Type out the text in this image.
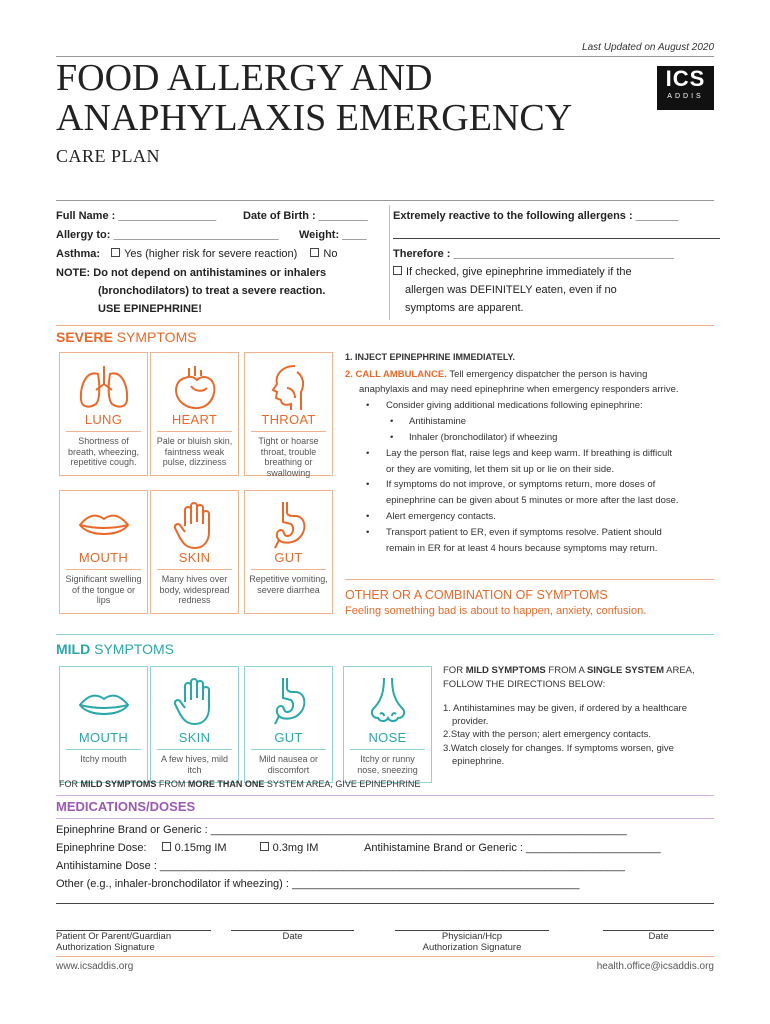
Last Updated on August 2020
FOOD ALLERGY AND
ANAPHYLAXIS EMERGENCY
CARE PLAN
ICS
ADDIS
Full Name : ________________ Date of Birth : ________
Allergy to: ___________________________ Weight: ____
Asthma: Yes (higher risk for severe reaction) No
NOTE: Do not depend on antihistamines or inhalers
(bronchodilators) to treat a severe reaction.
USE EPINEPHRINE!
Extremely reactive to the following allergens : _______
Therefore : ____________________________________
If checked, give epinephrine immediately if the
allergen was DEFINITELY eaten, even if no
symptoms are apparent.
SEVERE SYMPTOMS
LUNG
Shortness of breath, wheezing, repetitive cough.
HEART
Pale or bluish skin, faintness weak pulse, dizziness
THROAT
Tight or hoarse throat, trouble breathing or swallowing
MOUTH
Significant swelling of the tongue or lips
SKIN
Many hives over body, widespread redness
GUT
Repetitive vomiting, severe diarrhea
1. INJECT EPINEPHRINE IMMEDIATELY.
2. CALL AMBULANCE. Tell emergency dispatcher the person is having
anaphylaxis and may need epinephrine when emergency responders arrive.
• Consider giving additional medications following epinephrine:
• Antihistamine
• Inhaler (bronchodilator) if wheezing
• Lay the person flat, raise legs and keep warm. If breathing is difficult
or they are vomiting, let them sit up or lie on their side.
• If symptoms do not improve, or symptoms return, more doses of
epinephrine can be given about 5 minutes or more after the last dose.
• Alert emergency contacts.
• Transport patient to ER, even if symptoms resolve. Patient should
remain in ER for at least 4 hours because symptoms may return.
OTHER OR A COMBINATION OF SYMPTOMS
Feeling something bad is about to happen, anxiety, confusion.
MILD SYMPTOMS
MOUTH
Itchy mouth
SKIN
A few hives, mild itch
GUT
Mild nausea or discomfort
NOSE
Itchy or runny nose, sneezing
FOR MILD SYMPTOMS FROM A SINGLE SYSTEM AREA,
FOLLOW THE DIRECTIONS BELOW:
1. Antihistamines may be given, if ordered by a healthcare
provider.
2.Stay with the person; alert emergency contacts.
3.Watch closely for changes. If symptoms worsen, give
epinephrine.
FOR MILD SYMPTOMS FROM MORE THAN ONE SYSTEM AREA, GIVE EPINEPHRINE
MEDICATIONS/DOSES
Epinephrine Brand or Generic : ____________________________________________________________________
Epinephrine Dose:	0.15mg IM	0.3mg IM	Antihistamine Brand or Generic : ______________________
Antihistamine Dose : ____________________________________________________________________________
Other (e.g., inhaler-bronchodilator if wheezing) : _______________________________________________
Patient Or Parent/Guardian
Authorization Signature
Date	Physician/Hcp
Authorization Signature
Date
www.icsaddis.org	health.office@icsaddis.org
